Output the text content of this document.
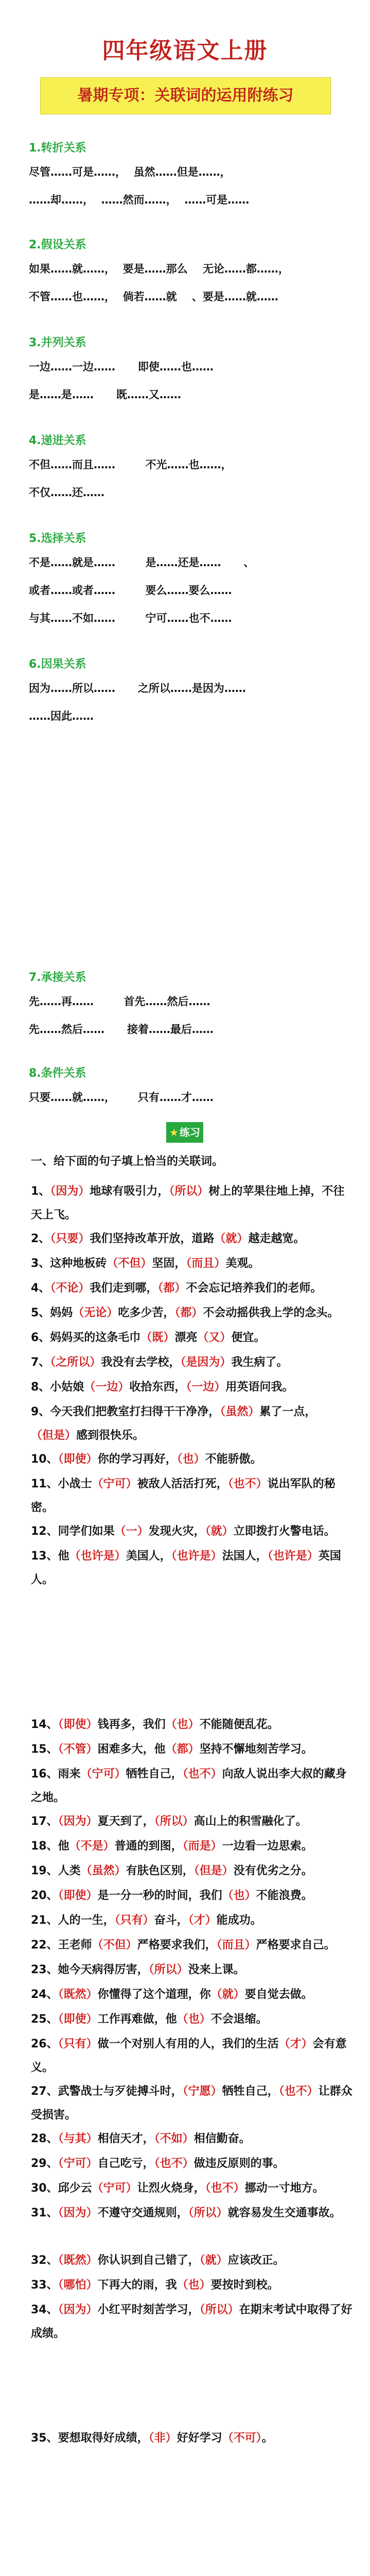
四年级语文上册
暑期专项：关联词的运用附练习
1.转折关系
尽管……可是……，  虽然……但是……，
……却……，  ……然而……，  ……可是……
2.假设关系
如果……就……，  要是……那么    无论……都……，
不管……也……，  倘若……就    、要是……就……
3.并列关系
一边……一边……      即使……也……
是……是……      既……又……
4.递进关系
不但……而且……        不光……也……，
不仅……还……
5.选择关系
不是……就是……        是……还是……      、
或者……或者……        要么……要么……
与其……不如……        宁可……也不……
6.因果关系
因为……所以……      之所以……是因为……
……因此……
7.承接关系
先……再……        首先……然后……
先……然后……      接着……最后……
8.条件关系
只要……就……，      只有……才……
★ 练习
一、给下面的句子填上恰当的关联词。
1、（因为）地球有吸引力，（所以）树上的苹果往地上掉，不往天上飞。
2、（只要）我们坚持改革开放，道路（就）越走越宽。
3、这种地板砖（不但）坚固，（而且）美观。
4、（不论）我们走到哪，（都）不会忘记培养我们的老师。
5、妈妈（无论）吃多少苦，（都）不会动摇供我上学的念头。
6、妈妈买的这条毛巾（既）漂亮（又）便宜。
7、（之所以）我没有去学校，（是因为）我生病了。
8、小姑娘（一边）收拾东西，（一边）用英语问我。
9、今天我们把教室打扫得干干净净，（虽然）累了一点，（但是）感到很快乐。
10、（即使）你的学习再好，（也）不能骄傲。
11、小战士（宁可）被敌人活活打死，（也不）说出军队的秘密。
12、同学们如果（一）发现火灾，（就）立即拨打火警电话。
13、他（也许是）美国人，（也许是）法国人，（也许是）英国人。
14、（即使）钱再多，我们（也）不能随便乱花。
15、（不管）困难多大，他（都）坚持不懈地刻苦学习。
16、雨来（宁可）牺牲自己，（也不）向敌人说出李大叔的藏身之地。
17、（因为）夏天到了，（所以）高山上的积雪融化了。
18、他（不是）普通的到图，（而是）一边看一边思索。
19、人类（虽然）有肤色区别，（但是）没有优劣之分。
20、（即使）是一分一秒的时间，我们（也）不能浪费。
21、人的一生，（只有）奋斗，（才）能成功。
22、王老师（不但）严格要求我们，（而且）严格要求自己。
23、她今天病得厉害，（所以）没来上课。
24、（既然）你懂得了这个道理，你（就）要自觉去做。
25、（即使）工作再难做，他（也）不会退缩。
26、（只有）做一个对别人有用的人，我们的生活（才）会有意义。
27、武警战士与歹徒搏斗时，（宁愿）牺牲自己，（也不）让群众受损害。
28、（与其）相信天才，（不如）相信勤奋。
29、（宁可）自己吃亏，（也不）做违反原则的事。
30、邱少云（宁可）让烈火烧身，（也不）挪动一寸地方。
31、（因为）不遵守交通规则，（所以）就容易发生交通事故。
32、（既然）你认识到自己错了，（就）应该改正。
33、（哪怕）下再大的雨，我（也）要按时到校。
34、（因为）小红平时刻苦学习，（所以）在期末考试中取得了好成绩。
35、要想取得好成绩，（非）好好学习（不可）。
